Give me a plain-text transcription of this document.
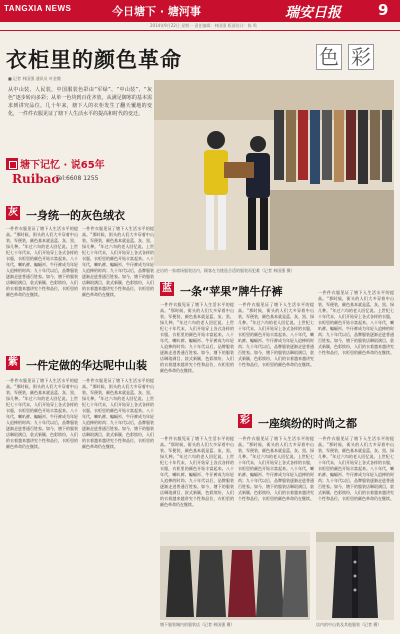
TANGXIA NEWS	今日塘下 · 塘河事	瑞安日报 9
2014年9月22日 星期一 责任编辑：林国强 版面设计：陈 鸣
衣柜里的颜色革命	色 彩
■ 记者 林国强 通讯员 叶金微
从中山装、人民装，中国服装色彩由“军绿”、“中山装”、“灰色”逐步转向多彩；从单一色块到百花齐放，从满足御寒的基本需求到讲究品位。几十年来，塘下人的衣柜发生了翻天覆地的变化，一件件衣服见证了塘下人生活水平的提高和时代的变迁。
走访的一家商场服装店内，顾客在为挑选合适的服装而犯难（记者 林国强 摄）
塘下记忆 · 说65年
Ruibao
Tel:6608 1255
灰 一身统一的灰色绒衣
一件件衣服见证了塘下人生活水平的提高。“那时候，街头的人们大多穿着中山装、军便装，颜色基本就是蓝、灰、黑、绿几种。”年过六旬的老人回忆说。上世纪七十年代末，人们开始穿上各式各样的衣服，衣柜里的颜色开始丰富起来。八十年代，喇叭裤、蝙蝠衫、牛仔裤成为年轻人追捧的时尚；九十年代以后，品牌服装逐渐走进普通百姓家。如今，塘下的服装店琳琅满目，款式新颖，色彩缤纷，人们的衣着越来越讲究个性和品位，衣柜里的颜色革命仍在继续。
一件件衣服见证了塘下人生活水平的提高。“那时候，街头的人们大多穿着中山装、军便装，颜色基本就是蓝、灰、黑、绿几种。”年过六旬的老人回忆说。上世纪七十年代末，人们开始穿上各式各样的衣服，衣柜里的颜色开始丰富起来。八十年代，喇叭裤、蝙蝠衫、牛仔裤成为年轻人追捧的时尚；九十年代以后，品牌服装逐渐走进普通百姓家。如今，塘下的服装店琳琅满目，款式新颖，色彩缤纷，人们的衣着越来越讲究个性和品位，衣柜里的颜色革命仍在继续。
紫 一件定做的华达呢中山装
一件件衣服见证了塘下人生活水平的提高。“那时候，街头的人们大多穿着中山装、军便装，颜色基本就是蓝、灰、黑、绿几种。”年过六旬的老人回忆说。上世纪七十年代末，人们开始穿上各式各样的衣服，衣柜里的颜色开始丰富起来。八十年代，喇叭裤、蝙蝠衫、牛仔裤成为年轻人追捧的时尚；九十年代以后，品牌服装逐渐走进普通百姓家。如今，塘下的服装店琳琅满目，款式新颖，色彩缤纷，人们的衣着越来越讲究个性和品位，衣柜里的颜色革命仍在继续。
一件件衣服见证了塘下人生活水平的提高。“那时候，街头的人们大多穿着中山装、军便装，颜色基本就是蓝、灰、黑、绿几种。”年过六旬的老人回忆说。上世纪七十年代末，人们开始穿上各式各样的衣服，衣柜里的颜色开始丰富起来。八十年代，喇叭裤、蝙蝠衫、牛仔裤成为年轻人追捧的时尚；九十年代以后，品牌服装逐渐走进普通百姓家。如今，塘下的服装店琳琅满目，款式新颖，色彩缤纷，人们的衣着越来越讲究个性和品位，衣柜里的颜色革命仍在继续。
蓝 一条“苹果”牌牛仔裤
一件件衣服见证了塘下人生活水平的提高。“那时候，街头的人们大多穿着中山装、军便装，颜色基本就是蓝、灰、黑、绿几种。”年过六旬的老人回忆说。上世纪七十年代末，人们开始穿上各式各样的衣服，衣柜里的颜色开始丰富起来。八十年代，喇叭裤、蝙蝠衫、牛仔裤成为年轻人追捧的时尚；九十年代以后，品牌服装逐渐走进普通百姓家。如今，塘下的服装店琳琅满目，款式新颖，色彩缤纷，人们的衣着越来越讲究个性和品位，衣柜里的颜色革命仍在继续。
一件件衣服见证了塘下人生活水平的提高。“那时候，街头的人们大多穿着中山装、军便装，颜色基本就是蓝、灰、黑、绿几种。”年过六旬的老人回忆说。上世纪七十年代末，人们开始穿上各式各样的衣服，衣柜里的颜色开始丰富起来。八十年代，喇叭裤、蝙蝠衫、牛仔裤成为年轻人追捧的时尚；九十年代以后，品牌服装逐渐走进普通百姓家。如今，塘下的服装店琳琅满目，款式新颖，色彩缤纷，人们的衣着越来越讲究个性和品位，衣柜里的颜色革命仍在继续。
一件件衣服见证了塘下人生活水平的提高。“那时候，街头的人们大多穿着中山装、军便装，颜色基本就是蓝、灰、黑、绿几种。”年过六旬的老人回忆说。上世纪七十年代末，人们开始穿上各式各样的衣服，衣柜里的颜色开始丰富起来。八十年代，喇叭裤、蝙蝠衫、牛仔裤成为年轻人追捧的时尚；九十年代以后，品牌服装逐渐走进普通百姓家。如今，塘下的服装店琳琅满目，款式新颖，色彩缤纷，人们的衣着越来越讲究个性和品位，衣柜里的颜色革命仍在继续。
彩 一座缤纷的时尚之都
一件件衣服见证了塘下人生活水平的提高。“那时候，街头的人们大多穿着中山装、军便装，颜色基本就是蓝、灰、黑、绿几种。”年过六旬的老人回忆说。上世纪七十年代末，人们开始穿上各式各样的衣服，衣柜里的颜色开始丰富起来。八十年代，喇叭裤、蝙蝠衫、牛仔裤成为年轻人追捧的时尚；九十年代以后，品牌服装逐渐走进普通百姓家。如今，塘下的服装店琳琅满目，款式新颖，色彩缤纷，人们的衣着越来越讲究个性和品位，衣柜里的颜色革命仍在继续。
一件件衣服见证了塘下人生活水平的提高。“那时候，街头的人们大多穿着中山装、军便装，颜色基本就是蓝、灰、黑、绿几种。”年过六旬的老人回忆说。上世纪七十年代末，人们开始穿上各式各样的衣服，衣柜里的颜色开始丰富起来。八十年代，喇叭裤、蝙蝠衫、牛仔裤成为年轻人追捧的时尚；九十年代以后，品牌服装逐渐走进普通百姓家。如今，塘下的服装店琳琅满目，款式新颖，色彩缤纷，人们的衣着越来越讲究个性和品位，衣柜里的颜色革命仍在继续。
一件件衣服见证了塘下人生活水平的提高。“那时候，街头的人们大多穿着中山装、军便装，颜色基本就是蓝、灰、黑、绿几种。”年过六旬的老人回忆说。上世纪七十年代末，人们开始穿上各式各样的衣服，衣柜里的颜色开始丰富起来。八十年代，喇叭裤、蝙蝠衫、牛仔裤成为年轻人追捧的时尚；九十年代以后，品牌服装逐渐走进普通百姓家。如今，塘下的服装店琳琅满目，款式新颖，色彩缤纷，人们的衣着越来越讲究个性和品位，衣柜里的颜色革命仍在继续。
塘下服装城内的服装店（记者 林国强 摄）	店内的中山装及其他服装（记者 摄）
